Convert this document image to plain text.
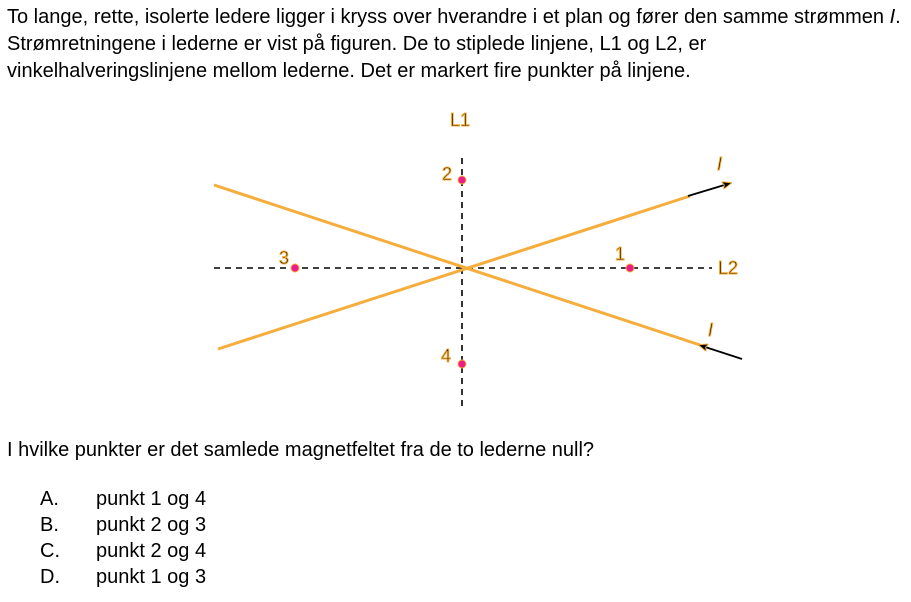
To lange, rette, isolerte ledere ligger i kryss over hverandre i et plan og fører den samme strømmen I. Strømretningene i lederne er vist på figuren. De to stiplede linjene, L1 og L2, er vinkelhalveringslinjene mellom lederne. Det er markert fire punkter på linjene.

L1
L2
I
I
1
2
3
4

I hvilke punkter er det samlede magnetfeltet fra de to lederne null?

A.	punkt 1 og 4
B.	punkt 2 og 3
C.	punkt 2 og 4
D.	punkt 1 og 3
